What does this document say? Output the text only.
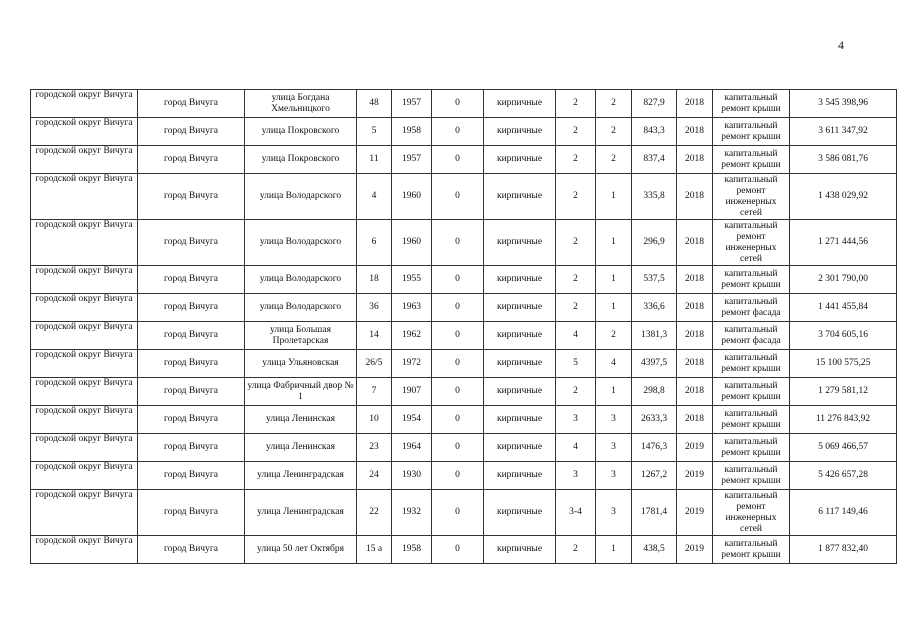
4
городской округ Вичуга	город Вичуга	улица Богдана Хмельницкого	48	1957	0	кирпичные	2	2	827,9	2018	капитальный ремонт крыши	3 545 398,96
городской округ Вичуга	город Вичуга	улица Покровского	5	1958	0	кирпичные	2	2	843,3	2018	капитальный ремонт крыши	3 611 347,92
городской округ Вичуга	город Вичуга	улица Покровского	11	1957	0	кирпичные	2	2	837,4	2018	капитальный ремонт крыши	3 586 081,76
городской округ Вичуга	город Вичуга	улица Володарского	4	1960	0	кирпичные	2	1	335,8	2018	капитальный ремонт инженерных сетей	1 438 029,92
городской округ Вичуга	город Вичуга	улица Володарского	6	1960	0	кирпичные	2	1	296,9	2018	капитальный ремонт инженерных сетей	1 271 444,56
городской округ Вичуга	город Вичуга	улица Володарского	18	1955	0	кирпичные	2	1	537,5	2018	капитальный ремонт крыши	2 301 790,00
городской округ Вичуга	город Вичуга	улица Володарского	36	1963	0	кирпичные	2	1	336,6	2018	капитальный ремонт фасада	1 441 455,84
городской округ Вичуга	город Вичуга	улица Большая Пролетарская	14	1962	0	кирпичные	4	2	1381,3	2018	капитальный ремонт фасада	3 704 605,16
городской округ Вичуга	город Вичуга	улица Ульяновская	26/5	1972	0	кирпичные	5	4	4397,5	2018	капитальный ремонт крыши	15 100 575,25
городской округ Вичуга	город Вичуга	улица Фабричный двор № 1	7	1907	0	кирпичные	2	1	298,8	2018	капитальный ремонт крыши	1 279 581,12
городской округ Вичуга	город Вичуга	улица Ленинская	10	1954	0	кирпичные	3	3	2633,3	2018	капитальный ремонт крыши	11 276 843,92
городской округ Вичуга	город Вичуга	улица Ленинская	23	1964	0	кирпичные	4	3	1476,3	2019	капитальный ремонт крыши	5 069 466,57
городской округ Вичуга	город Вичуга	улица Ленинградская	24	1930	0	кирпичные	3	3	1267,2	2019	капитальный ремонт крыши	5 426 657,28
городской округ Вичуга	город Вичуга	улица Ленинградская	22	1932	0	кирпичные	3-4	3	1781,4	2019	капитальный ремонт инженерных сетей	6 117 149,46
городской округ Вичуга	город Вичуга	улица 50 лет Октября	15 а	1958	0	кирпичные	2	1	438,5	2019	капитальный ремонт крыши	1 877 832,40
